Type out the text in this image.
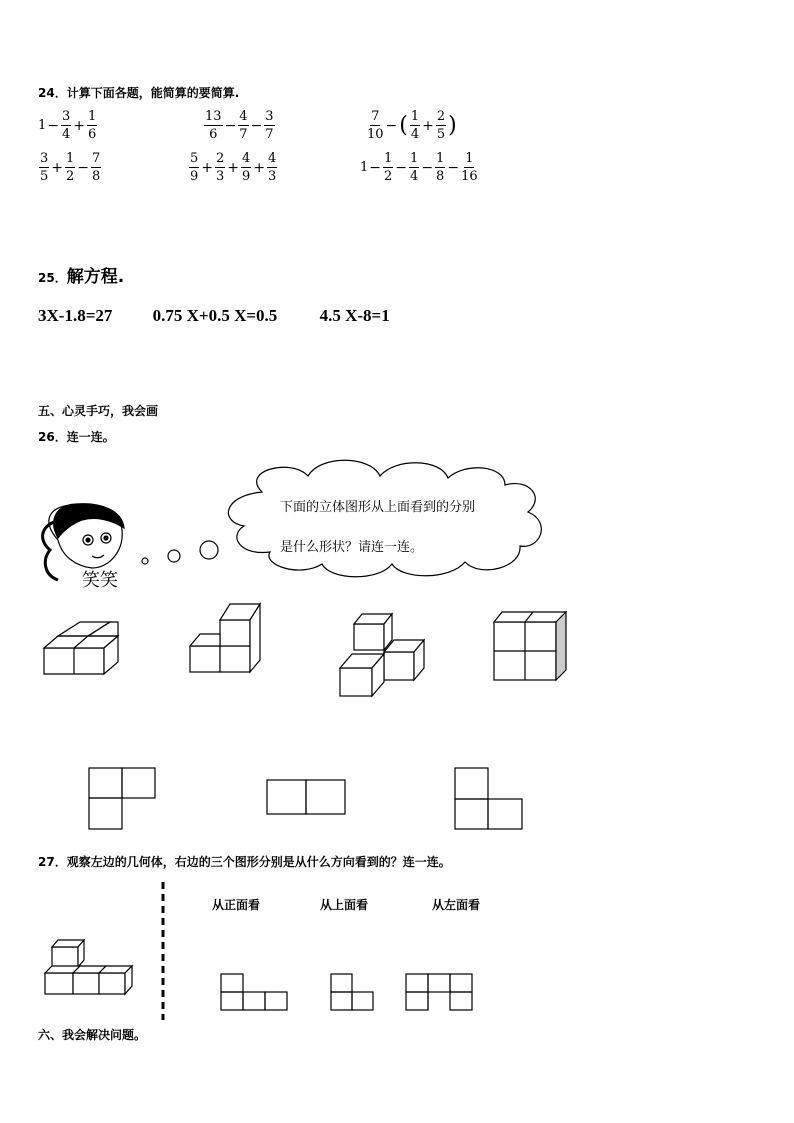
24．计算下面各题，能简算的要简算.
$1 - \frac{3}{4} + \frac{1}{6}$	$\frac{13}{6} - \frac{4}{7} - \frac{3}{7}$	$\frac{7}{10}$ − ( $\frac{1}{4} + \frac{2}{5}$ )
$\frac{3}{5} + \frac{1}{2} - \frac{7}{8}$	$\frac{5}{9} + \frac{2}{3} + \frac{4}{9} + \frac{4}{3}$	$1 - \frac{1}{2} - \frac{1}{4} - \frac{1}{8} - \frac{1}{16}$
25．解方程.
3X-1.8=27 0.75 X+0.5 X=0.5 4.5 X-8=1
五、心灵手巧，我会画
26．连一连。
下面的立体图形从上面看到的分别
是什么形状？请连一连。
笑笑
27．观察左边的几何体，右边的三个图形分别是从什么方向看到的？连一连。
从正面看	从上面看	从左面看
六、我会解决问题。
